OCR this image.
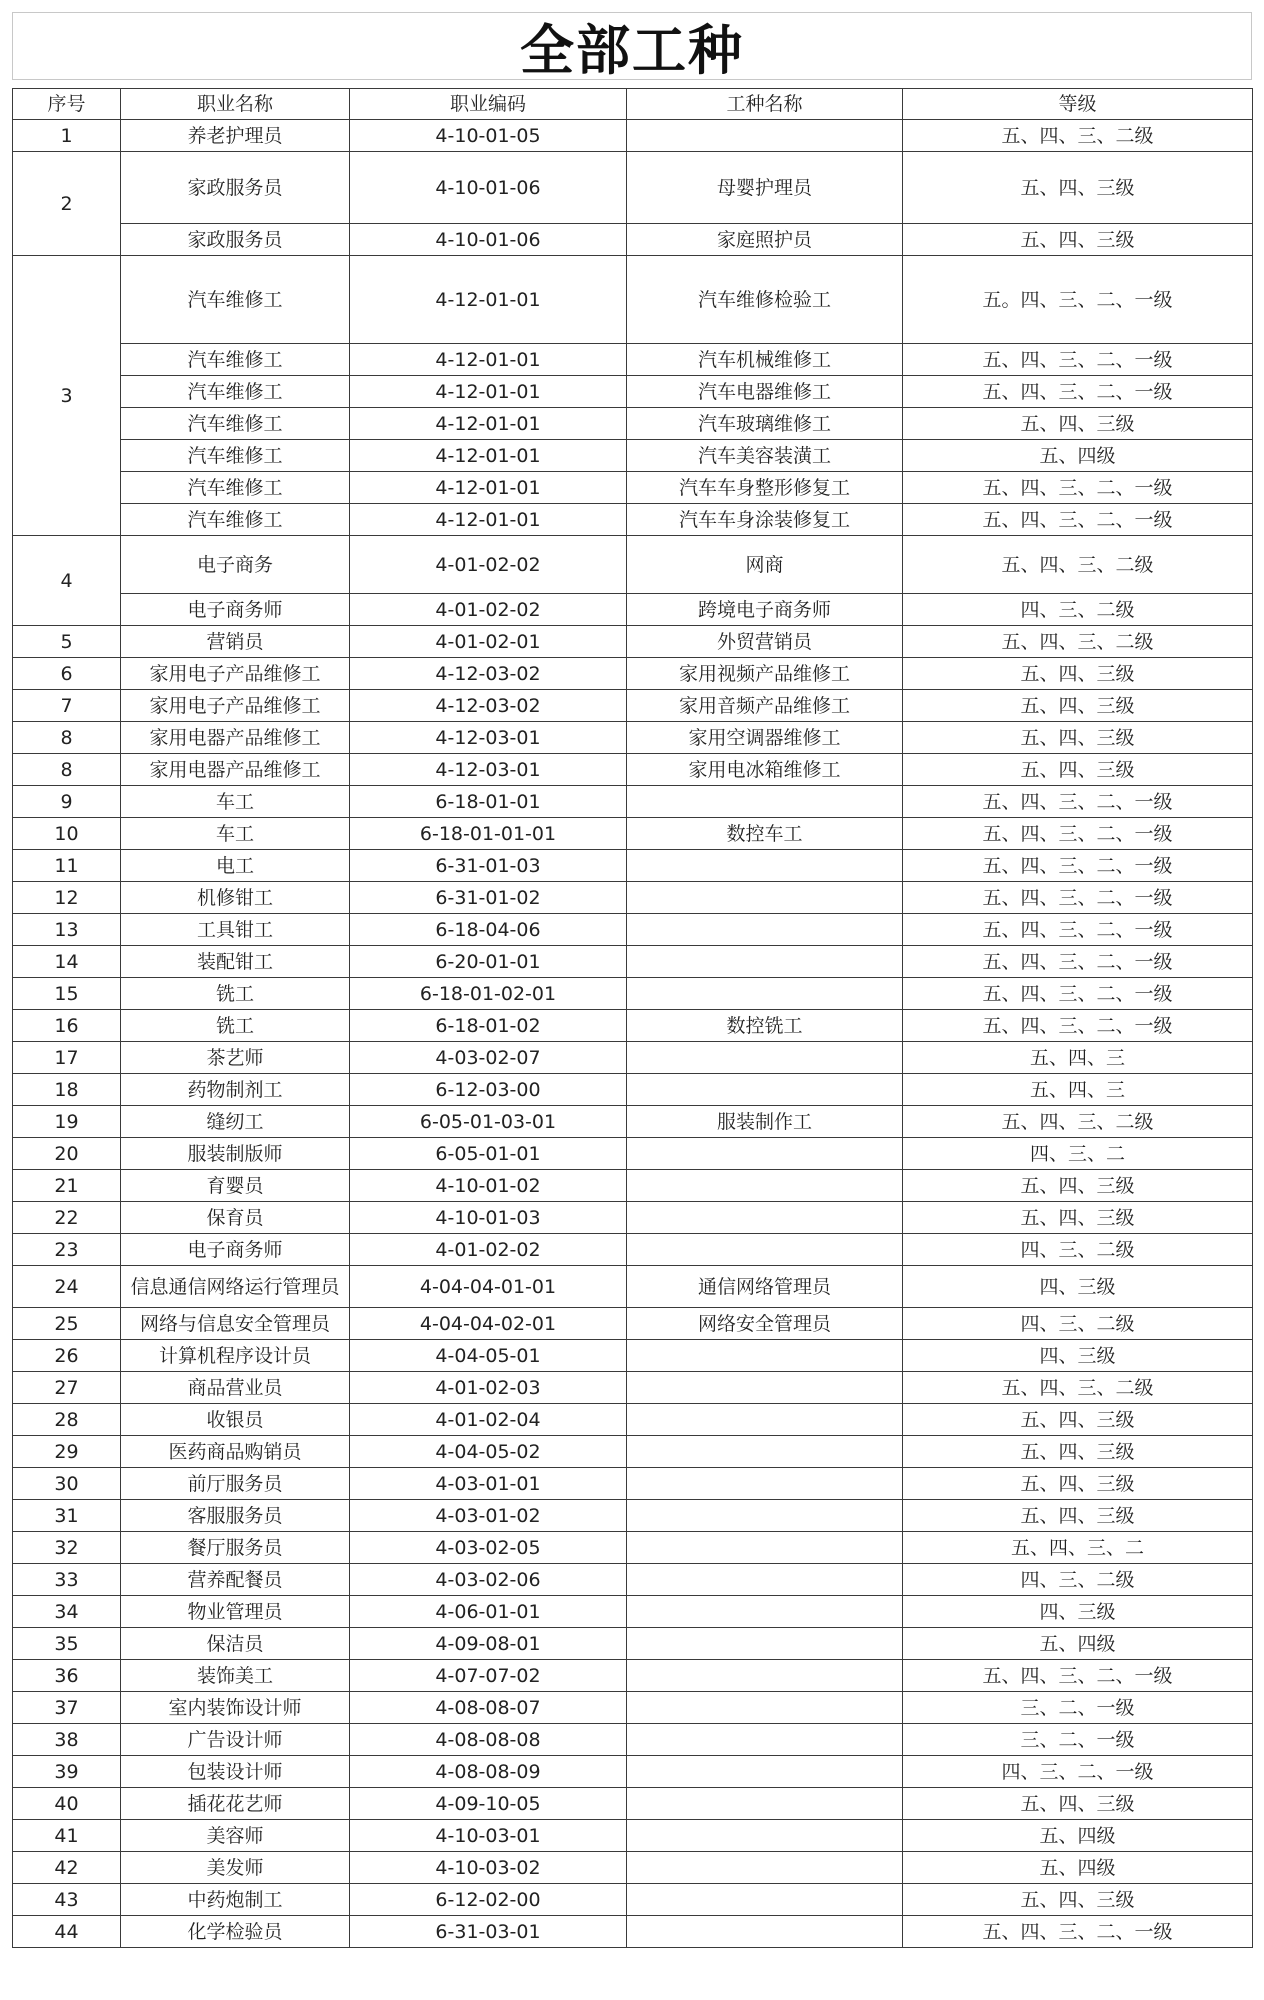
全部工种
序号	职业名称	职业编码	工种名称	等级
1	养老护理员	4-10-01-05		五、四、三、二级
2	家政服务员	4-10-01-06	母婴护理员	五、四、三级
	家政服务员	4-10-01-06	家庭照护员	五、四、三级
3	汽车维修工	4-12-01-01	汽车维修检验工	五。四、三、二、一级
	汽车维修工	4-12-01-01	汽车机械维修工	五、四、三、二、一级
	汽车维修工	4-12-01-01	汽车电器维修工	五、四、三、二、一级
	汽车维修工	4-12-01-01	汽车玻璃维修工	五、四、三级
	汽车维修工	4-12-01-01	汽车美容装潢工	五、四级
	汽车维修工	4-12-01-01	汽车车身整形修复工	五、四、三、二、一级
	汽车维修工	4-12-01-01	汽车车身涂装修复工	五、四、三、二、一级
4	电子商务	4-01-02-02	网商	五、四、三、二级
	电子商务师	4-01-02-02	跨境电子商务师	四、三、二级
5	营销员	4-01-02-01	外贸营销员	五、四、三、二级
6	家用电子产品维修工	4-12-03-02	家用视频产品维修工	五、四、三级
7	家用电子产品维修工	4-12-03-02	家用音频产品维修工	五、四、三级
8	家用电器产品维修工	4-12-03-01	家用空调器维修工	五、四、三级
8	家用电器产品维修工	4-12-03-01	家用电冰箱维修工	五、四、三级
9	车工	6-18-01-01		五、四、三、二、一级
10	车工	6-18-01-01-01	数控车工	五、四、三、二、一级
11	电工	6-31-01-03		五、四、三、二、一级
12	机修钳工	6-31-01-02		五、四、三、二、一级
13	工具钳工	6-18-04-06		五、四、三、二、一级
14	装配钳工	6-20-01-01		五、四、三、二、一级
15	铣工	6-18-01-02-01		五、四、三、二、一级
16	铣工	6-18-01-02	数控铣工	五、四、三、二、一级
17	茶艺师	4-03-02-07		五、四、三
18	药物制剂工	6-12-03-00		五、四、三
19	缝纫工	6-05-01-03-01	服装制作工	五、四、三、二级
20	服装制版师	6-05-01-01		四、三、二
21	育婴员	4-10-01-02		五、四、三级
22	保育员	4-10-01-03		五、四、三级
23	电子商务师	4-01-02-02		四、三、二级
24	信息通信网络运行管理员	4-04-04-01-01	通信网络管理员	四、三级
25	网络与信息安全管理员	4-04-04-02-01	网络安全管理员	四、三、二级
26	计算机程序设计员	4-04-05-01		四、三级
27	商品营业员	4-01-02-03		五、四、三、二级
28	收银员	4-01-02-04		五、四、三级
29	医药商品购销员	4-04-05-02		五、四、三级
30	前厅服务员	4-03-01-01		五、四、三级
31	客服服务员	4-03-01-02		五、四、三级
32	餐厅服务员	4-03-02-05		五、四、三、二
33	营养配餐员	4-03-02-06		四、三、二级
34	物业管理员	4-06-01-01		四、三级
35	保洁员	4-09-08-01		五、四级
36	装饰美工	4-07-07-02		五、四、三、二、一级
37	室内装饰设计师	4-08-08-07		三、二、一级
38	广告设计师	4-08-08-08		三、二、一级
39	包装设计师	4-08-08-09		四、三、二、一级
40	插花花艺师	4-09-10-05		五、四、三级
41	美容师	4-10-03-01		五、四级
42	美发师	4-10-03-02		五、四级
43	中药炮制工	6-12-02-00		五、四、三级
44	化学检验员	6-31-03-01		五、四、三、二、一级
